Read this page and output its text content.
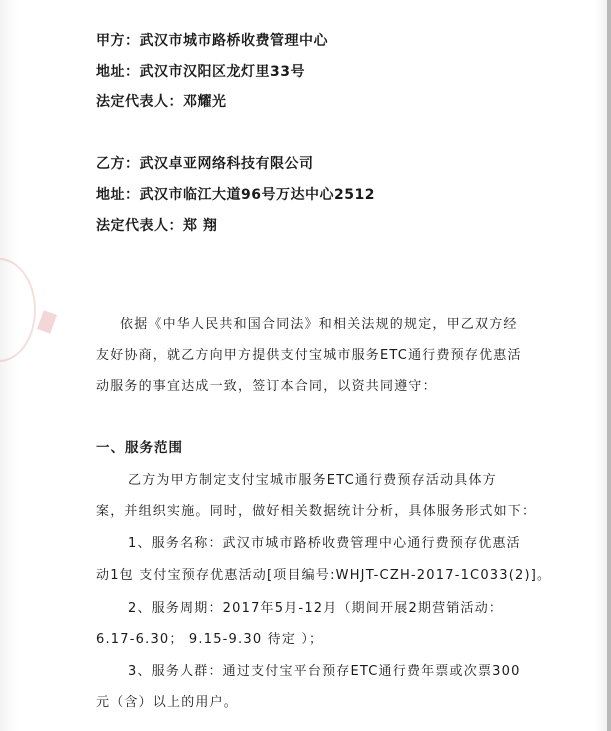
甲方：武汉市城市路桥收费管理中心
地址：武汉市汉阳区龙灯里33号
法定代表人：邓耀光
乙方：武汉卓亚网络科技有限公司
地址：武汉市临江大道96号万达中心2512
法定代表人：郑 翔
依据《中华人民共和国合同法》和相关法规的规定，甲乙双方经
友好协商，就乙方向甲方提供支付宝城市服务ETC通行费预存优惠活
动服务的事宜达成一致，签订本合同，以资共同遵守：
一、服务范围
乙方为甲方制定支付宝城市服务ETC通行费预存活动具体方
案，并组织实施。同时，做好相关数据统计分析，具体服务形式如下：
1、服务名称：武汉市城市路桥收费管理中心通行费预存优惠活
动1包 支付宝预存优惠活动[项目编号:WHJT-CZH-2017-1C033(2)]。
2、服务周期：2017年5月-12月（期间开展2期营销活动：
6.17-6.30； 9.15-9.30 待定 ）；
3、服务人群：通过支付宝平台预存ETC通行费年票或次票300
元（含）以上的用户。
